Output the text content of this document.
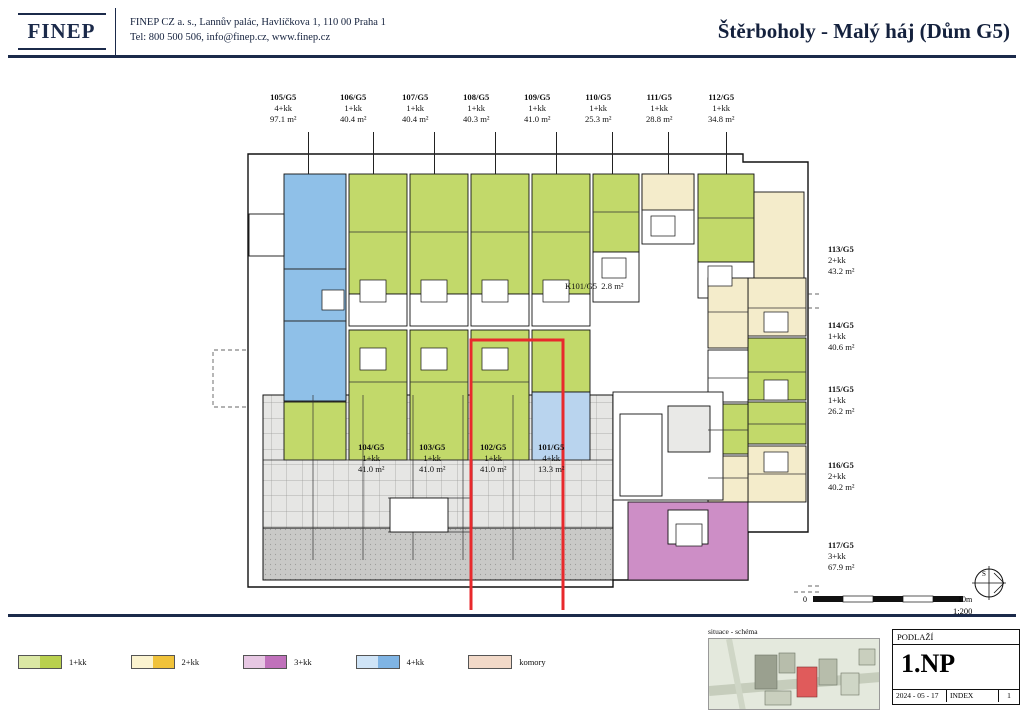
FINEP	FINEP CZ a. s., Lannův palác, Havlíčkova 1, 110 00 Praha 1
Tel: 800 500 506, info@finep.cz, www.finep.cz	Štěrboholy - Malý háj (Dům G5)
105/G5
4+kk
97.1 m²
106/G5
1+kk
40.4 m²
107/G5
1+kk
40.4 m²
108/G5
1+kk
40.3 m²
109/G5
1+kk
41.0 m²
110/G5
1+kk
25.3 m²
111/G5
1+kk
28.8 m²
112/G5
1+kk
34.8 m²
113/G5
2+kk
43.2 m²
114/G5
1+kk
40.6 m²
115/G5
1+kk
26.2 m²
116/G5
2+kk
40.2 m²
117/G5
3+kk
67.9 m²
104/G5
1+kk
41.0 m²
103/G5
1+kk
41.0 m²
102/G5
1+kk
41.0 m²
101/G5
4+kk
13.3 m²
K101/G5 2.8 m²
0	10m
1:200
S
1+kk	2+kk	3+kk	4+kk	komory
situace - schéma
PODLAŽÍ
1.NP
2024 - 05 - 17	INDEX	1
